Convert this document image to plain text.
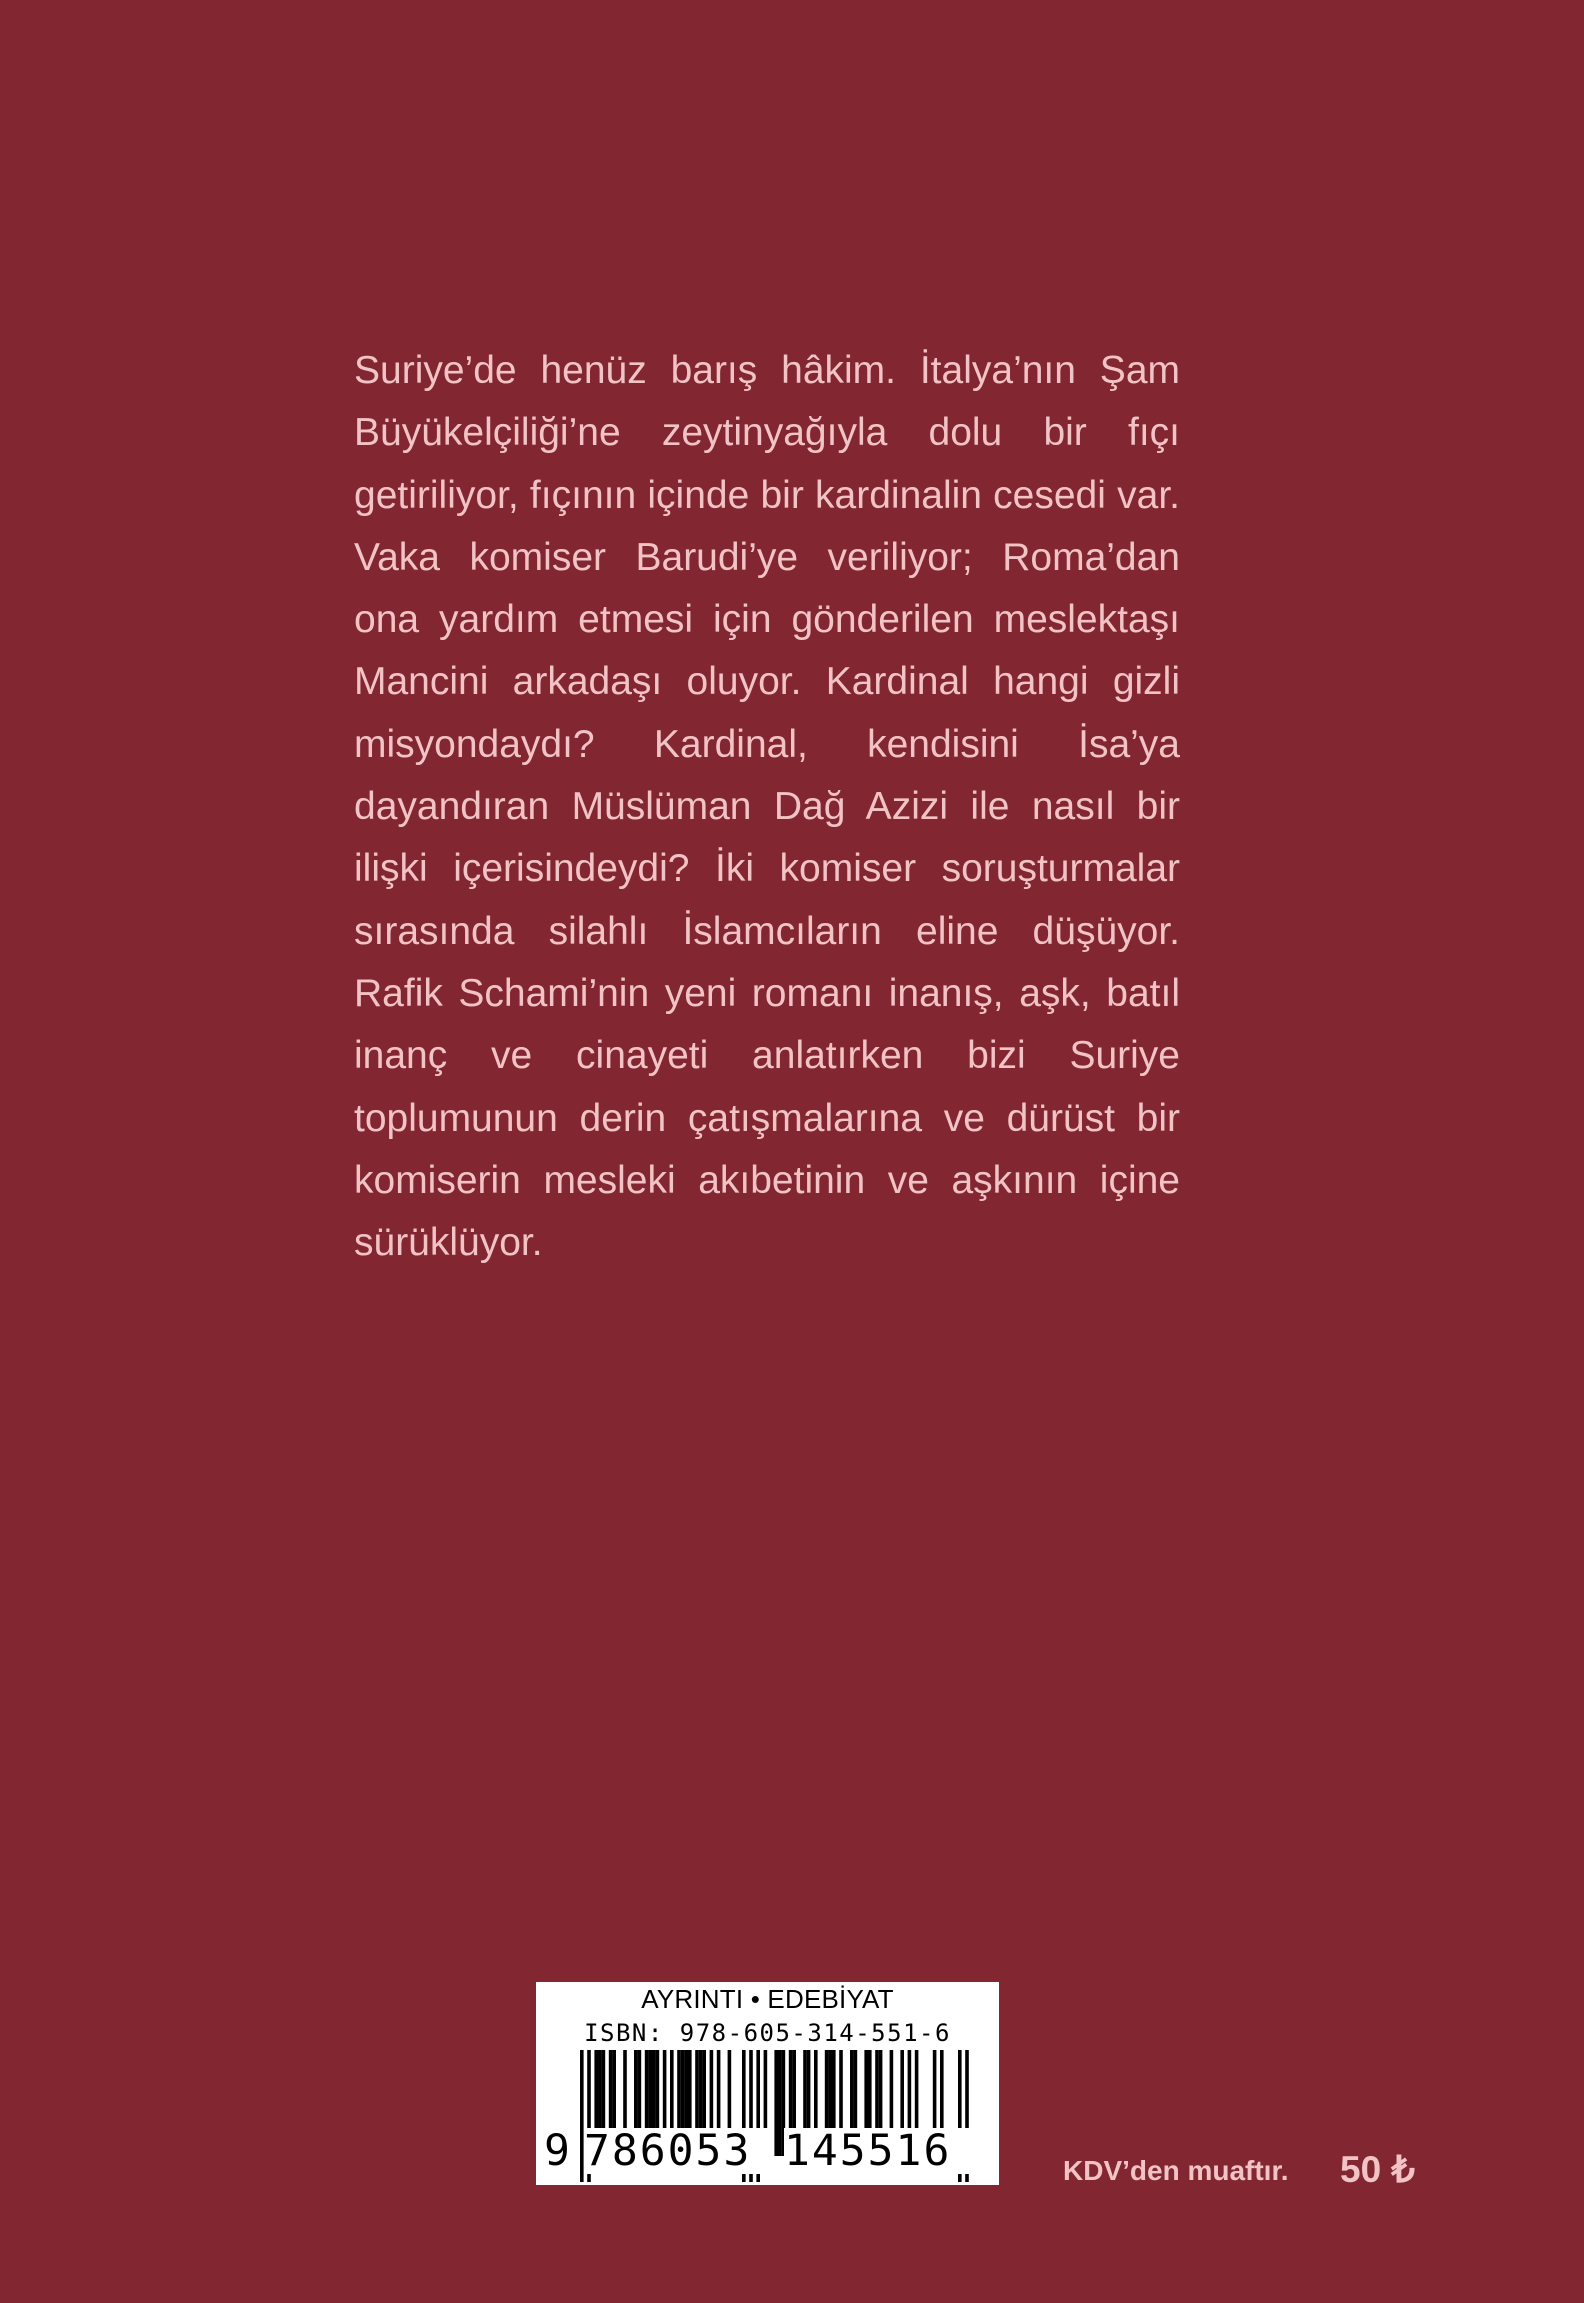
Suriye’de henüz barış hâkim. İtalya’nın Şam Büyükelçiliği’ne zeytinyağıyla dolu bir fıçı getiriliyor, fıçının içinde bir kardinalin cesedi var. Vaka komiser Barudi’ye veriliyor; Roma’dan ona yardım etmesi için gönderilen meslektaşı Mancini arkadaşı oluyor. Kardinal hangi gizli misyondaydı? Kardinal, kendisini İsa’ya dayandıran Müslüman Dağ Azizi ile nasıl bir ilişki içerisindeydi? İki komiser soruşturmalar sırasında silahlı İslamcıların eline düşüyor. Rafik Schami’nin yeni romanı inanış, aşk, batıl inanç ve cinayeti anlatırken bizi Suriye toplumunun derin çatışmalarına ve dürüst bir komiserin mesleki akıbetinin ve aşkının içine sürüklüyor.

AYRINTI • EDEBİYAT
ISBN: 978-605-314-551-6
9 786053 145516	KDV’den muaftır. 50 ₺
